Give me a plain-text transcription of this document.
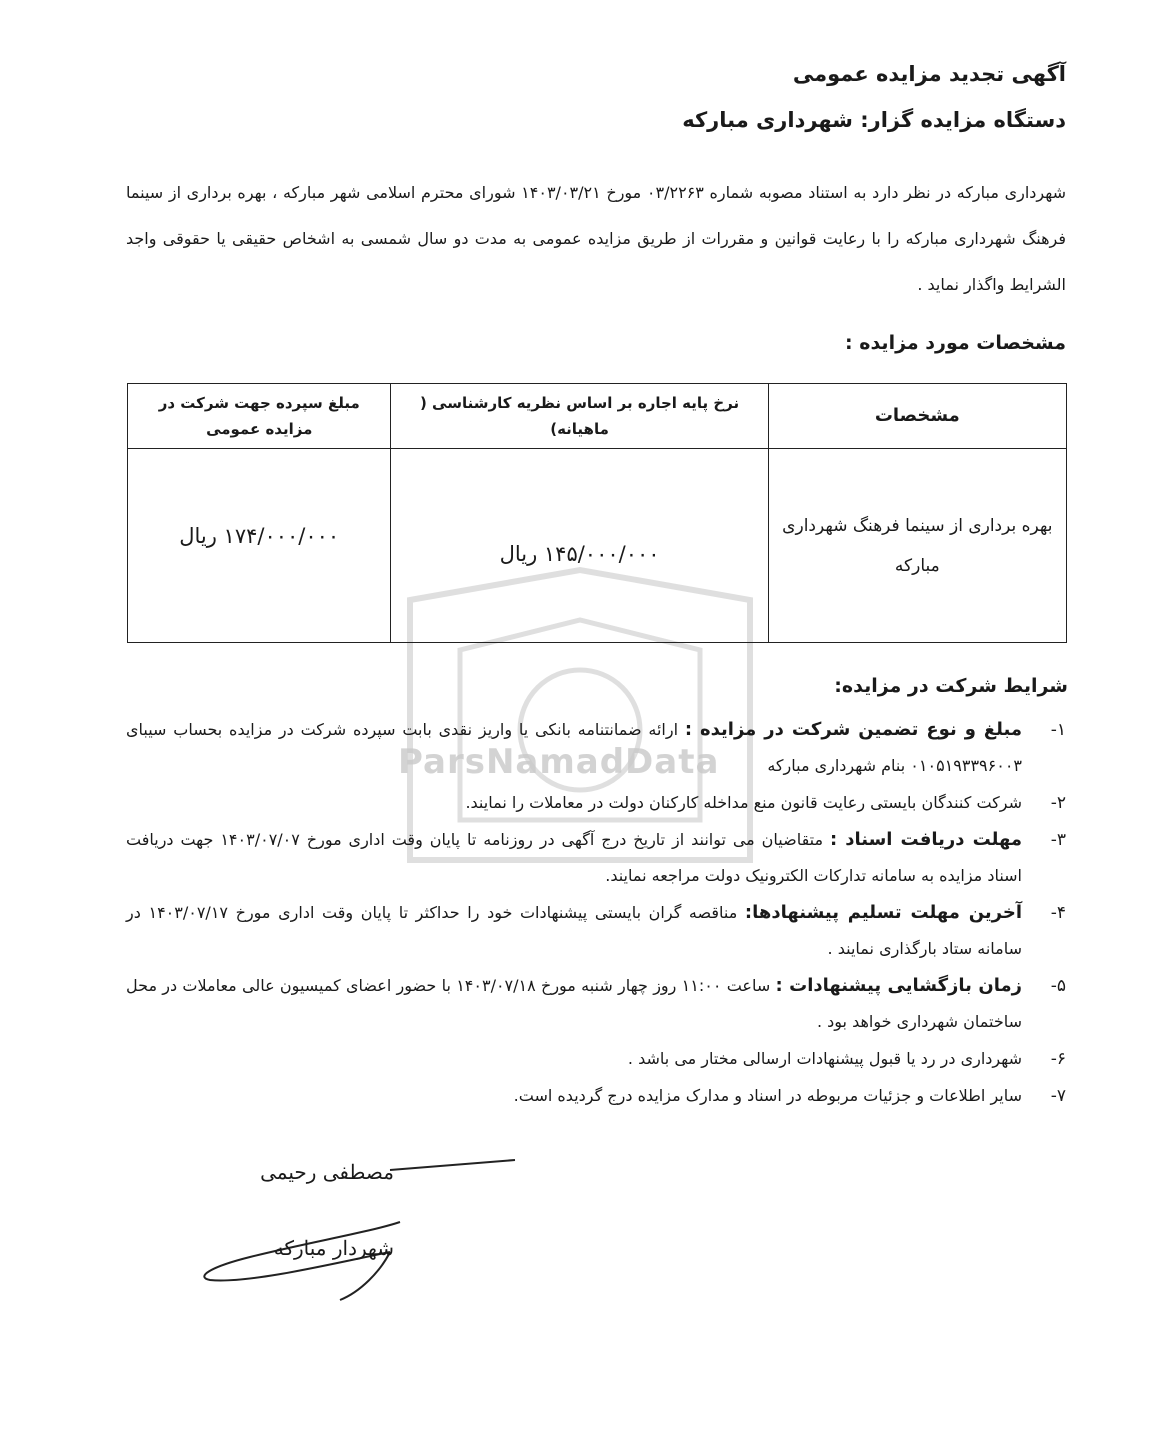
ParsNamadData
آگهی تجدید مزایده عمومی
دستگاه مزایده گزار: شهرداری مبارکه

شهرداری مبارکه در نظر دارد به استناد مصوبه شماره ۰۳/۲۲۶۳ مورخ ۱۴۰۳/۰۳/۲۱ شورای محترم اسلامی شهر مبارکه ، بهره برداری از سینما فرهنگ شهرداری مبارکه را با رعایت قوانین و مقررات از طریق مزایده عمومی به مدت دو سال شمسی به اشخاص حقیقی یا حقوقی واجد الشرایط واگذار نماید .

مشخصات مورد مزایده :
مشخصات	نرخ پایه اجاره بر اساس نظریه کارشناسی ( ماهیانه)	مبلغ سپرده جهت شرکت در مزایده عمومی
بهره برداری از سینما فرهنگ شهرداری مبارکه	۱۴۵/۰۰۰/۰۰۰ ریال	۱۷۴/۰۰۰/۰۰۰ ریال
شرایط شرکت در مزایده:
۱-
مبلغ و نوع تضمین شرکت در مزایده : ارائه ضمانتنامه بانکی یا واریز نقدی بابت سپرده شرکت در مزایده بحساب سیبای ۰۱۰۵۱۹۳۳۹۶۰۰۳ بنام شهرداری مبارکه
۲-
شرکت کنندگان بایستی رعایت قانون منع مداخله کارکنان دولت در معاملات را نمایند.
۳-
مهلت دریافت اسناد : متقاضیان می توانند از تاریخ درج آگهی در روزنامه تا پایان وقت اداری مورخ ۱۴۰۳/۰۷/۰۷ جهت دریافت اسناد مزایده به سامانه تدارکات الکترونیک دولت مراجعه نمایند.
۴-
آخرین مهلت تسلیم پیشنهادها: مناقصه گران بایستی پیشنهادات خود را حداکثر تا پایان وقت اداری مورخ ۱۴۰۳/۰۷/۱۷ در سامانه ستاد بارگذاری نمایند .
۵-
زمان بازگشایی پیشنهادات : ساعت ۱۱:۰۰ روز چهار شنبه مورخ ۱۴۰۳/۰۷/۱۸ با حضور اعضای کمیسیون عالی معاملات در محل ساختمان شهرداری خواهد بود .
۶-
شهرداری در رد یا قبول پیشنهادات ارسالی مختار می باشد .
۷-
سایر اطلاعات و جزئیات مربوطه در اسناد و مدارک مزایده درج گردیده است.

مصطفی رحیمی

شهردار مبارکه
